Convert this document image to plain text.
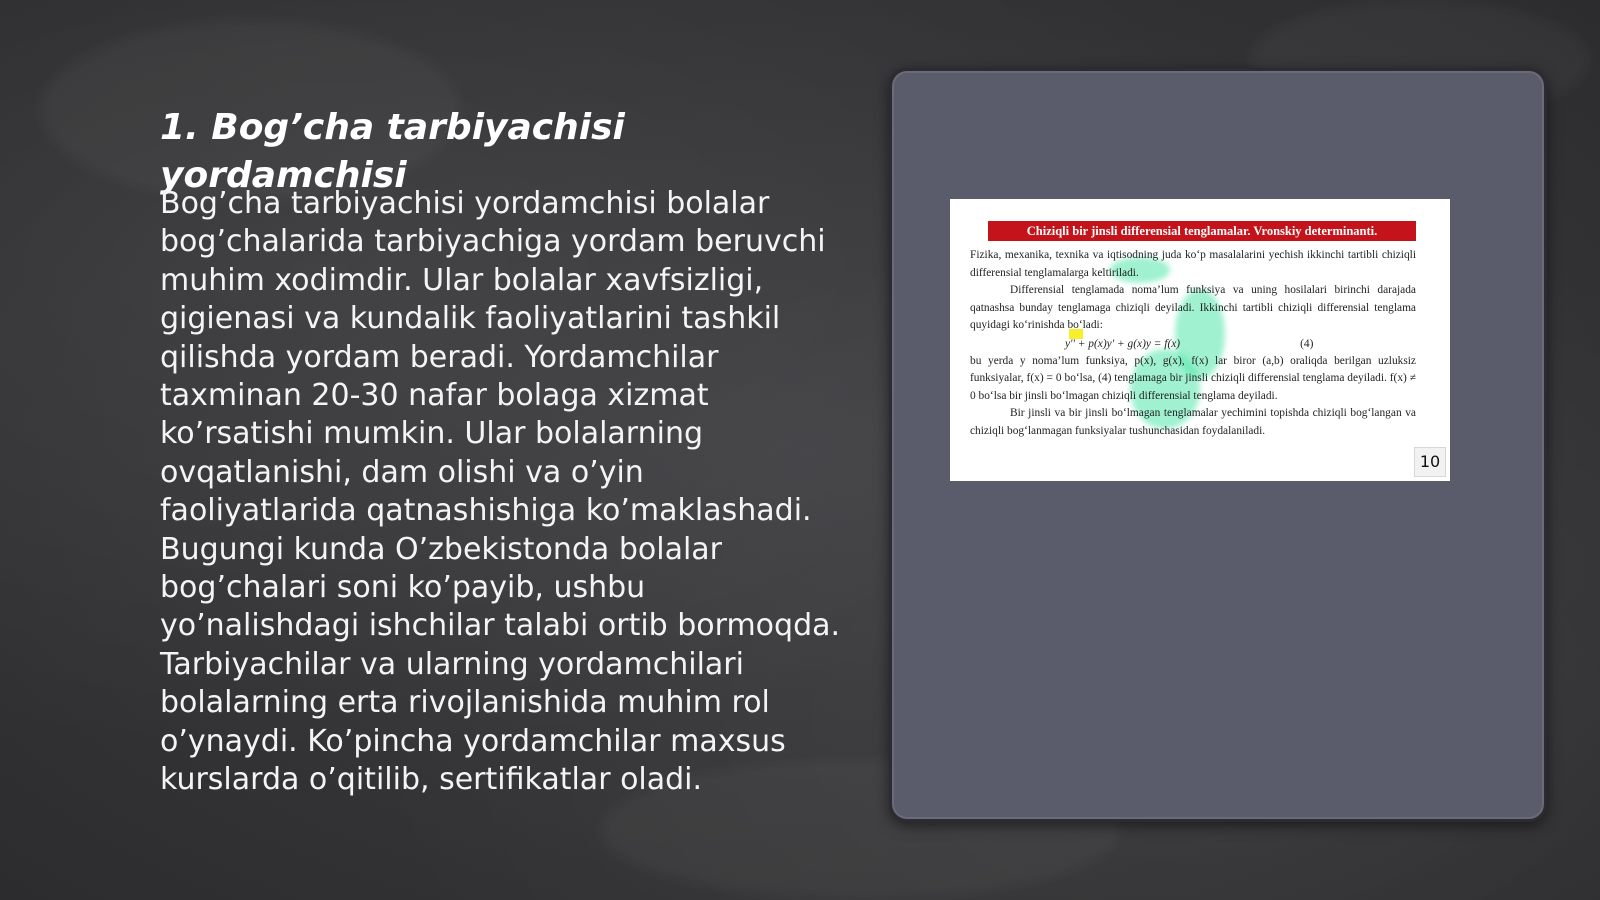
1. Bog’cha tarbiyachisi yordamchisi

Bog’cha tarbiyachisi yordamchisi bolalar bog’chalarida tarbiyachiga yordam beruvchi muhim xodimdir. Ular bolalar xavfsizligi, gigienasi va kundalik faoliyatlarini tashkil qilishda yordam beradi. Yordamchilar taxminan 20-30 nafar bolaga xizmat ko’rsatishi mumkin. Ular bolalarning ovqatlanishi, dam olishi va o’yin faoliyatlarida qatnashishiga ko’maklashadi. Bugungi kunda O’zbekistonda bolalar bog’chalari soni ko’payib, ushbu yo’nalishdagi ishchilar talabi ortib bormoqda. Tarbiyachilar va ularning yordamchilari bolalarning erta rivojlanishida muhim rol o’ynaydi. Ko’pincha yordamchilar maxsus kurslarda o’qitilib, sertifikatlar oladi.

Chiziqli bir jinsli differensial tenglamalar. Vronskiy determinanti.

Fizika, mexanika, texnika va iqtisodning juda ko‘p masalalarini yechish ikkinchi tartibli chiziqli differensial tenglamalarga keltiriladi.

Differensial tenglamada noma’lum funksiya va uning hosilalari birinchi darajada qatnashsa bunday tenglamaga chiziqli deyiladi. Ikkinchi tartibli chiziqli differensial tenglama quyidagi ko‘rinishda bo‘ladi:

y'' + p(x)y' + g(x)y = f(x)	(4)

bu yerda y noma’lum funksiya, p(x), g(x), f(x) lar biror (a,b) oraliqda berilgan uzluksiz funksiyalar, f(x) = 0 bo‘lsa, (4) tenglamaga bir jinsli chiziqli differensial tenglama deyiladi. f(x) ≠ 0 bo‘lsa bir jinsli bo‘lmagan chiziqli differensial tenglama deyiladi.

Bir jinsli va bir jinsli bo‘lmagan tenglamalar yechimini topishda chiziqli bog‘langan va chiziqli bog‘lanmagan funksiyalar tushunchasidan foydalaniladi.

10
